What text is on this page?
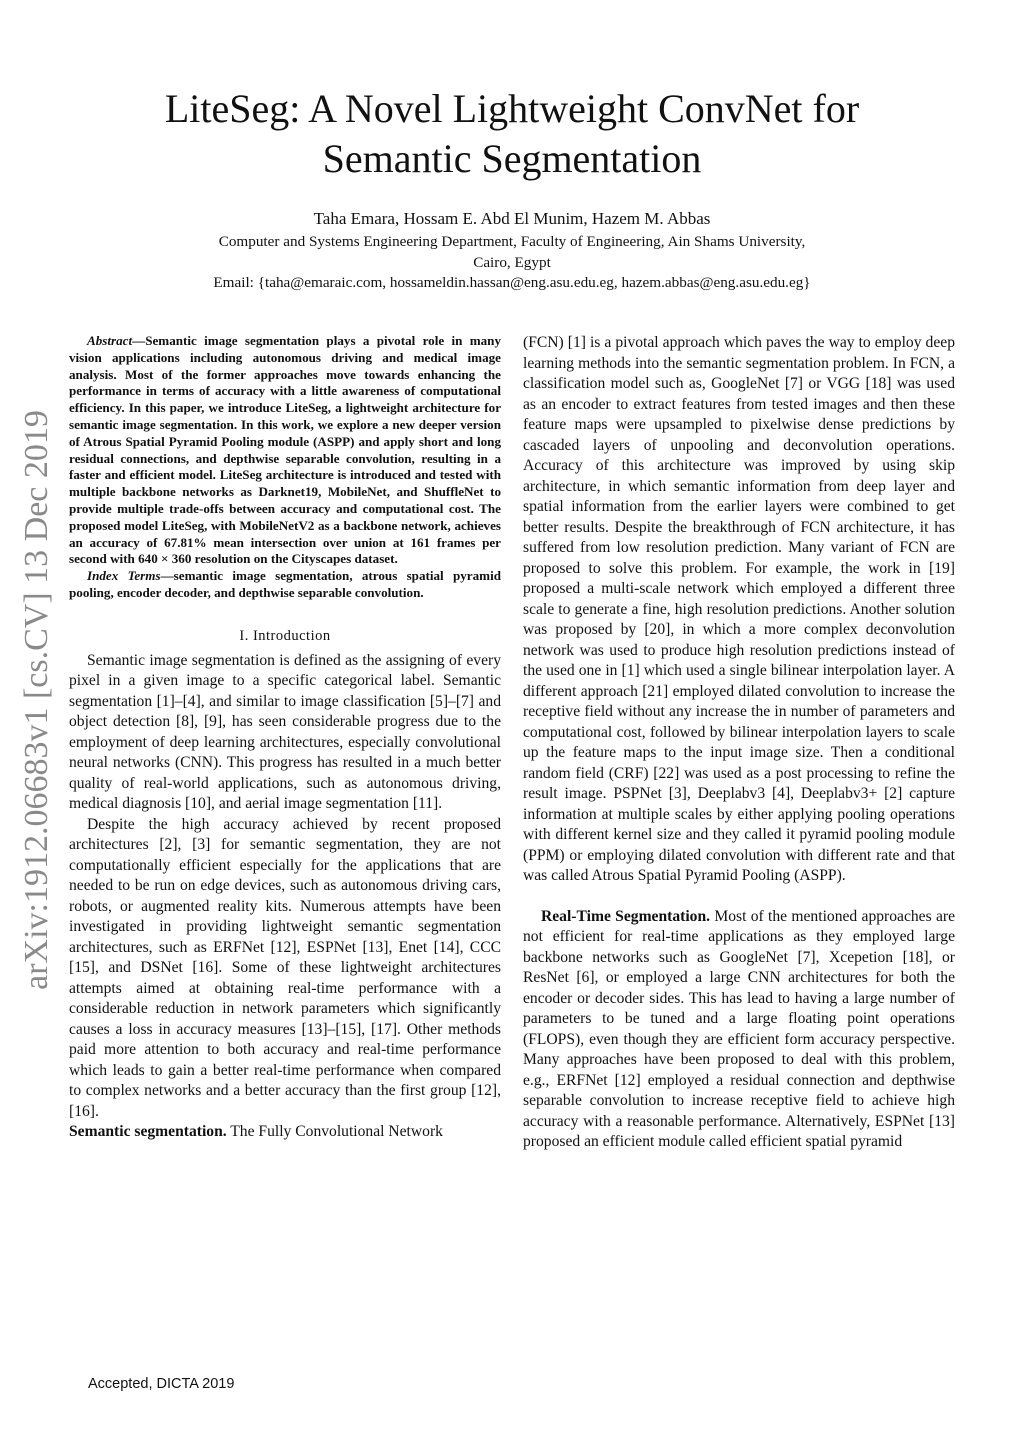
LiteSeg: A Novel Lightweight ConvNet for
Semantic Segmentation
Taha Emara, Hossam E. Abd El Munim, Hazem M. Abbas
Computer and Systems Engineering Department, Faculty of Engineering, Ain Shams University,
Cairo, Egypt
Email: {taha@emaraic.com, hossameldin.hassan@eng.asu.edu.eg, hazem.abbas@eng.asu.edu.eg}
arXiv:1912.06683v1 [cs.CV] 13 Dec 2019

Abstract—Semantic image segmentation plays a pivotal role in many vision applications including autonomous driving and medical image analysis. Most of the former approaches move towards enhancing the performance in terms of accuracy with a little awareness of computational efficiency. In this paper, we introduce LiteSeg, a lightweight architecture for semantic image segmentation. In this work, we explore a new deeper version of Atrous Spatial Pyramid Pooling module (ASPP) and apply short and long residual connections, and depthwise separable convolution, resulting in a faster and efficient model. LiteSeg architecture is introduced and tested with multiple backbone networks as Darknet19, MobileNet, and ShuffleNet to provide multiple trade-offs between accuracy and computational cost. The proposed model LiteSeg, with MobileNetV2 as a backbone network, achieves an accuracy of 67.81% mean intersection over union at 161 frames per second with 640 × 360 resolution on the Cityscapes dataset.

Index Terms—semantic image segmentation, atrous spatial pyramid pooling, encoder decoder, and depthwise separable convolution.

I. Introduction

Semantic image segmentation is defined as the assigning of every pixel in a given image to a specific categorical label. Semantic segmentation [1]–[4], and similar to image classification [5]–[7] and object detection [8], [9], has seen considerable progress due to the employment of deep learning architectures, especially convolutional neural networks (CNN). This progress has resulted in a much better quality of real-world applications, such as autonomous driving, medical diagnosis [10], and aerial image segmentation [11].

Despite the high accuracy achieved by recent proposed architectures [2], [3] for semantic segmentation, they are not computationally efficient especially for the applications that are needed to be run on edge devices, such as autonomous driving cars, robots, or augmented reality kits. Numerous attempts have been investigated in providing lightweight semantic segmentation architectures, such as ERFNet [12], ESPNet [13], Enet [14], CCC [15], and DSNet [16]. Some of these lightweight architectures attempts aimed at obtaining real-time performance with a considerable reduction in network parameters which significantly causes a loss in accuracy measures [13]–[15], [17]. Other methods paid more attention to both accuracy and real-time performance which leads to gain a better real-time performance when compared to complex networks and a better accuracy than the first group [12], [16].

Semantic segmentation. The Fully Convolutional Network

(FCN) [1] is a pivotal approach which paves the way to employ deep learning methods into the semantic segmentation problem. In FCN, a classification model such as, GoogleNet [7] or VGG [18] was used as an encoder to extract features from tested images and then these feature maps were upsampled to pixelwise dense predictions by cascaded layers of unpooling and deconvolution operations. Accuracy of this architecture was improved by using skip architecture, in which semantic information from deep layer and spatial information from the earlier layers were combined to get better results. Despite the breakthrough of FCN architecture, it has suffered from low resolution prediction. Many variant of FCN are proposed to solve this problem. For example, the work in [19] proposed a multi-scale network which employed a different three scale to generate a fine, high resolution predictions. Another solution was proposed by [20], in which a more complex deconvolution network was used to produce high resolution predictions instead of the used one in [1] which used a single bilinear interpolation layer. A different approach [21] employed dilated convolution to increase the receptive field without any increase the in number of parameters and computational cost, followed by bilinear interpolation layers to scale up the feature maps to the input image size. Then a conditional random field (CRF) [22] was used as a post processing to refine the result image. PSPNet [3], Deeplabv3 [4], Deeplabv3+ [2] capture information at multiple scales by either applying pooling operations with different kernel size and they called it pyramid pooling module (PPM) or employing dilated convolution with different rate and that was called Atrous Spatial Pyramid Pooling (ASPP).

Real-Time Segmentation. Most of the mentioned approaches are not efficient for real-time applications as they employed large backbone networks such as GoogleNet [7], Xcepetion [18], or ResNet [6], or employed a large CNN architectures for both the encoder or decoder sides. This has lead to having a large number of parameters to be tuned and a large floating point operations (FLOPS), even though they are efficient form accuracy perspective. Many approaches have been proposed to deal with this problem, e.g., ERFNet [12] employed a residual connection and depthwise separable convolution to increase receptive field to achieve high accuracy with a reasonable performance. Alternatively, ESPNet [13] proposed an efficient module called efficient spatial pyramid

Accepted, DICTA 2019
